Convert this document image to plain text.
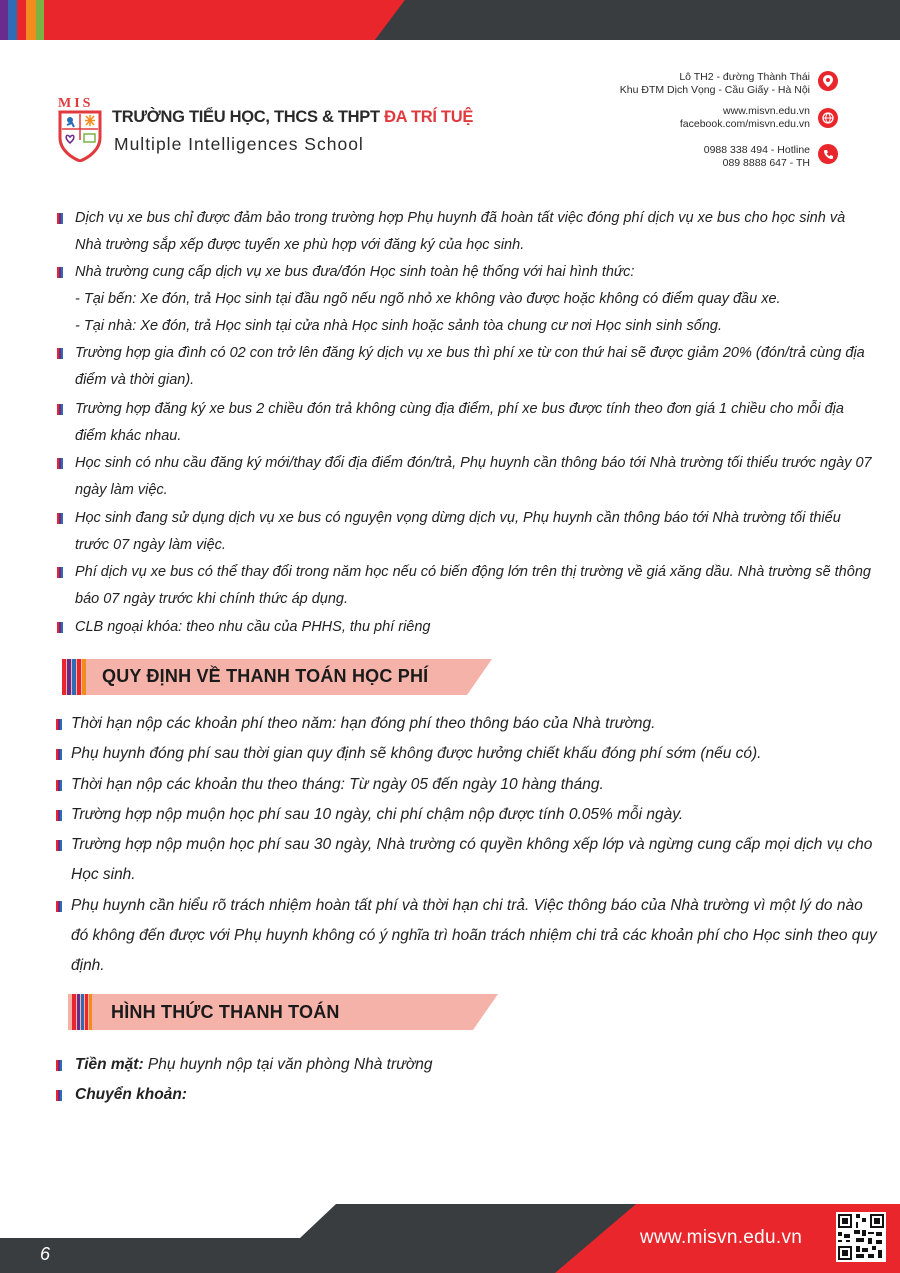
MIS
TRƯỜNG TIỂU HỌC, THCS & THPT ĐA TRÍ TUỆ
Multiple Intelligences School
Lô TH2 - đường Thành Thái
Khu ĐTM Dịch Vọng - Cầu Giấy - Hà Nội
www.misvn.edu.vn
facebook.com/misvn.edu.vn
0988 338 494 - Hotline
089 8888 647 - TH
Dịch vụ xe bus chỉ được đảm bảo trong trường hợp Phụ huynh đã hoàn tất việc đóng phí dịch vụ xe bus cho học sinh và Nhà trường sắp xếp được tuyến xe phù hợp với đăng ký của học sinh.
Nhà trường cung cấp dịch vụ xe bus đưa/đón Học sinh toàn hệ thống với hai hình thức:
- Tại bến: Xe đón, trả Học sinh tại đầu ngõ nếu ngõ nhỏ xe không vào được hoặc không có điểm quay đầu xe.
- Tại nhà: Xe đón, trả Học sinh tại cửa nhà Học sinh hoặc sảnh tòa chung cư nơi Học sinh sinh sống.
Trường hợp gia đình có 02 con trở lên đăng ký dịch vụ xe bus thì phí xe từ con thứ hai sẽ được giảm 20% (đón/trả cùng địa điểm và thời gian).
Trường hợp đăng ký xe bus 2 chiều đón trả không cùng địa điểm, phí xe bus được tính theo đơn giá 1 chiều cho mỗi địa điểm khác nhau.
Học sinh có nhu cầu đăng ký mới/thay đổi địa điểm đón/trả, Phụ huynh cần thông báo tới Nhà trường tối thiểu trước ngày 07 ngày làm việc.
Học sinh đang sử dụng dịch vụ xe bus có nguyện vọng dừng dịch vụ, Phụ huynh cần thông báo tới Nhà trường tối thiểu trước 07 ngày làm việc.
Phí dịch vụ xe bus có thể thay đổi trong năm học nếu có biến động lớn trên thị trường về giá xăng dầu. Nhà trường sẽ thông báo 07 ngày trước khi chính thức áp dụng.
CLB ngoại khóa: theo nhu cầu của PHHS, thu phí riêng
QUY ĐỊNH VỀ THANH TOÁN HỌC PHÍ
Thời hạn nộp các khoản phí theo năm: hạn đóng phí theo thông báo của Nhà trường.
Phụ huynh đóng phí sau thời gian quy định sẽ không được hưởng chiết khấu đóng phí sớm (nếu có).
Thời hạn nộp các khoản thu theo tháng: Từ ngày 05 đến ngày 10 hàng tháng.
Trường hợp nộp muộn học phí sau 10 ngày, chi phí chậm nộp được tính 0.05% mỗi ngày.
Trường hợp nộp muộn học phí sau 30 ngày, Nhà trường có quyền không xếp lớp và ngừng cung cấp mọi dịch vụ cho Học sinh.
Phụ huynh cần hiểu rõ trách nhiệm hoàn tất phí và thời hạn chi trả. Việc thông báo của Nhà trường vì một lý do nào đó không đến được với Phụ huynh không có ý nghĩa trì hoãn trách nhiệm chi trả các khoản phí cho Học sinh theo quy định.
HÌNH THỨC THANH TOÁN
Tiền mặt: Phụ huynh nộp tại văn phòng Nhà trường
Chuyển khoản:
6
www.misvn.edu.vn
